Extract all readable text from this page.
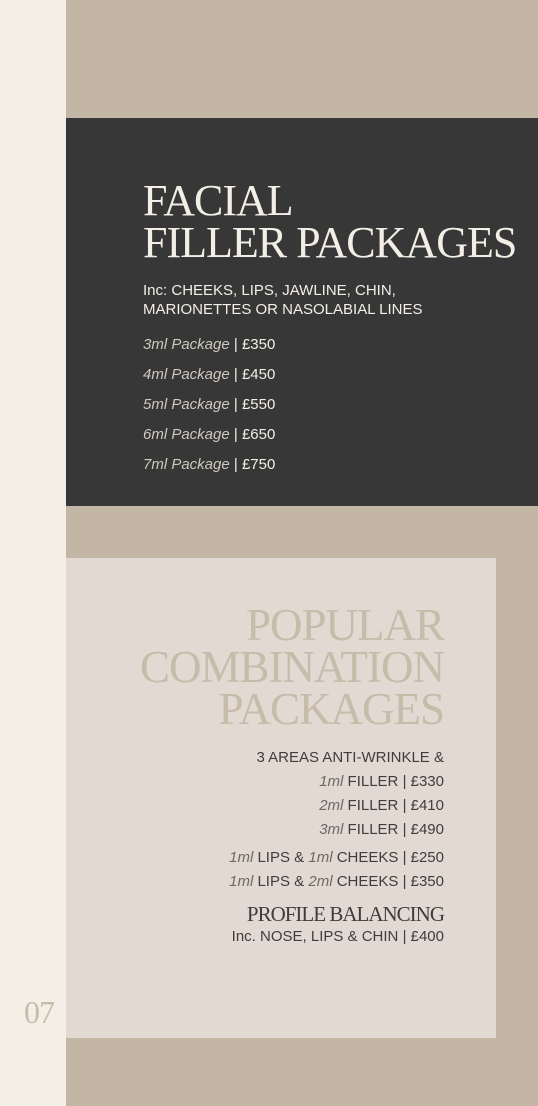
FACIAL
FILLER PACKAGES

Inc: CHEEKS, LIPS, JAWLINE, CHIN, MARIONETTES OR NASOLABIAL LINES

3ml Package | £350
4ml Package | £450
5ml Package | £550
6ml Package | £650
7ml Package | £750
POPULAR
COMBINATION
PACKAGES
3 AREAS ANTI-WRINKLE &
1ml FILLER | £330
2ml FILLER | £410
3ml FILLER | £490
1ml LIPS & 1ml CHEEKS | £250
1ml LIPS & 2ml CHEEKS | £350
PROFILE BALANCING

Inc. NOSE, LIPS & CHIN | £400

07
